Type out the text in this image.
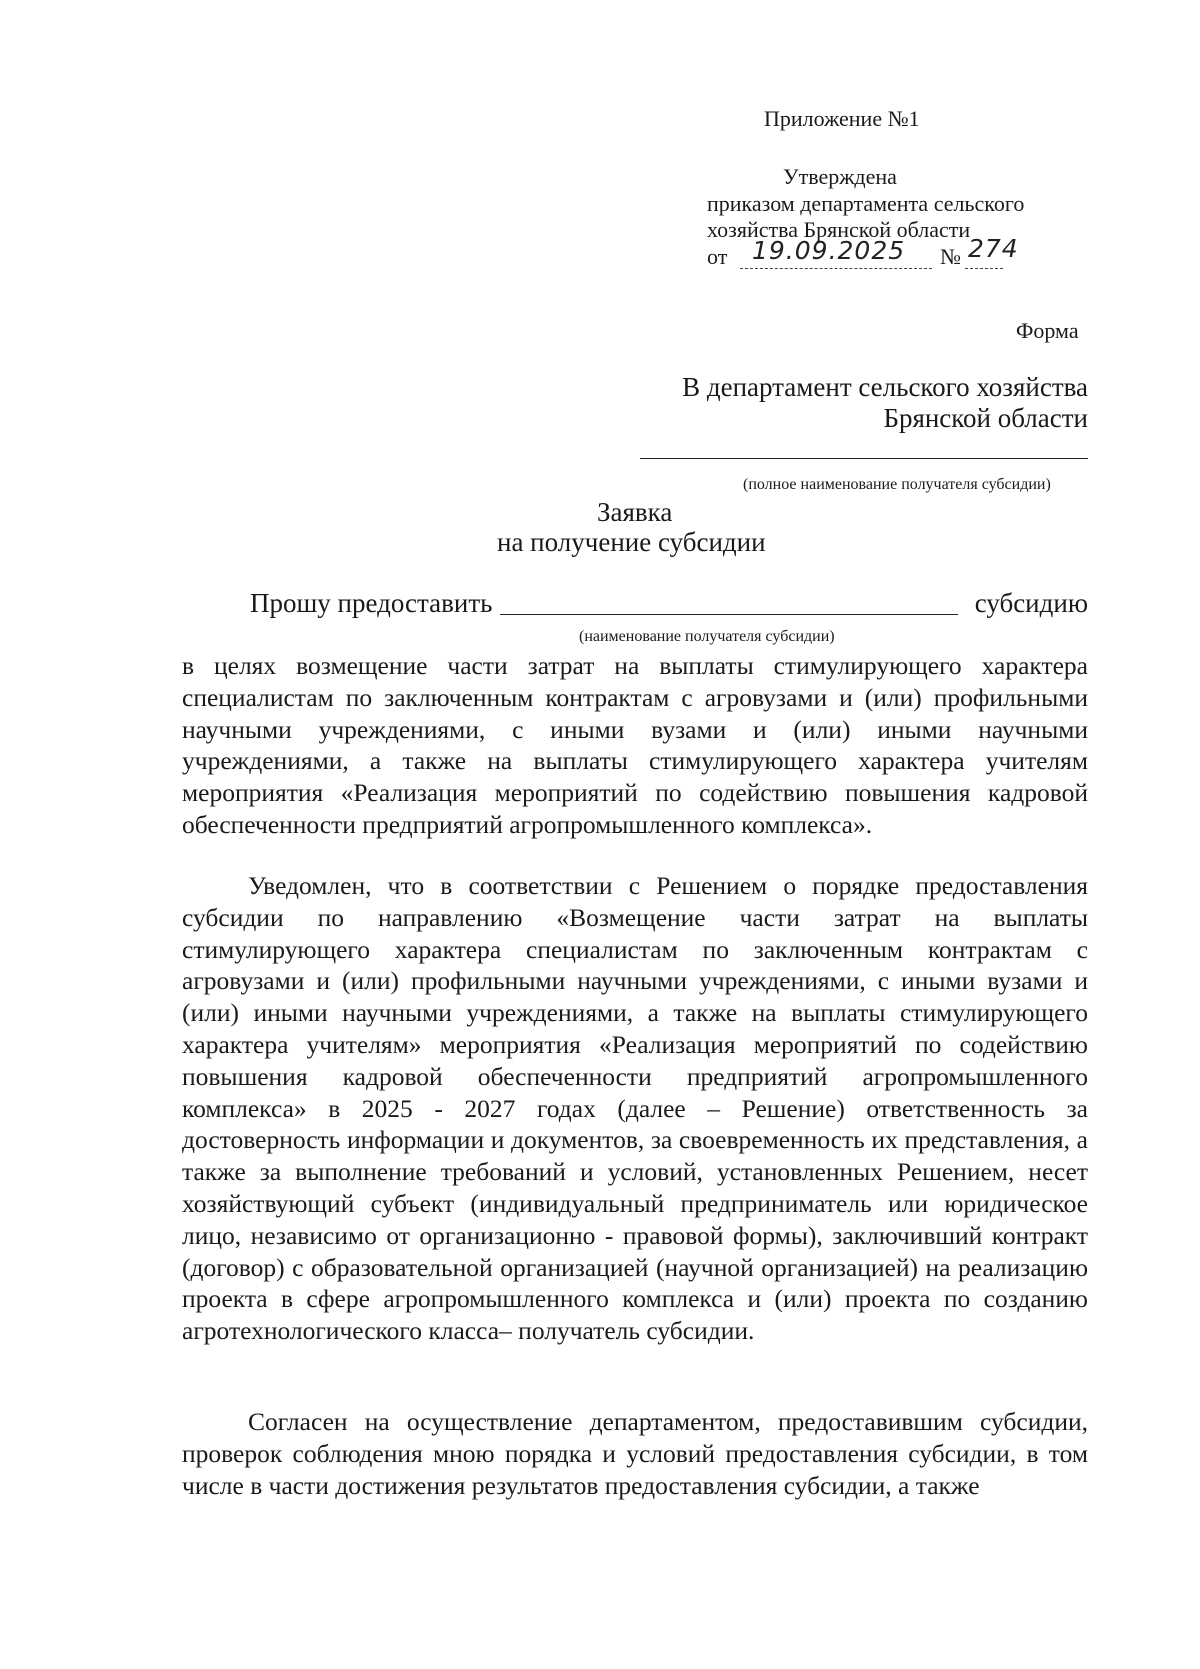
Приложение №1
Утверждена
приказом департамента сельского
хозяйства Брянской области
от 19.09.2025 № 274
Форма
В департамент сельского хозяйства
Брянской области
(полное наименование получателя субсидии)
Заявка
на получение субсидии
Прошу предоставить	субсидию
(наименование получателя субсидии)

в целях возмещение части затрат на выплаты стимулирующего характера специалистам по заключенным контрактам с агровузами и (или) профильными научными учреждениями, с иными вузами и (или) иными научными учреждениями, а также на выплаты стимулирующего характера учителям мероприятия «Реализация мероприятий по содействию повышения кадровой обеспеченности предприятий агропромышленного комплекса».

Уведомлен, что в соответствии с Решением о порядке предоставления субсидии по направлению «Возмещение части затрат на выплаты стимулирующего характера специалистам по заключенным контрактам с агровузами и (или) профильными научными учреждениями, с иными вузами и (или) иными научными учреждениями, а также на выплаты стимулирующего характера учителям» мероприятия «Реализация мероприятий по содействию повышения кадровой обеспеченности предприятий агропромышленного комплекса» в 2025 - 2027 годах (далее – Решение) ответственность за достоверность информации и документов, за своевременность их представления, а также за выполнение требований и условий, установленных Решением, несет хозяйствующий субъект (индивидуальный предприниматель или юридическое лицо, независимо от организационно - правовой формы), заключивший контракт (договор) с образовательной организацией (научной организацией) на реализацию проекта в сфере агропромышленного комплекса и (или) проекта по созданию агротехнологического класса– получатель субсидии.

Согласен на осуществление департаментом, предоставившим субсидии, проверок соблюдения мною порядка и условий предоставления субсидии, в том числе в части достижения результатов предоставления субсидии, а также
